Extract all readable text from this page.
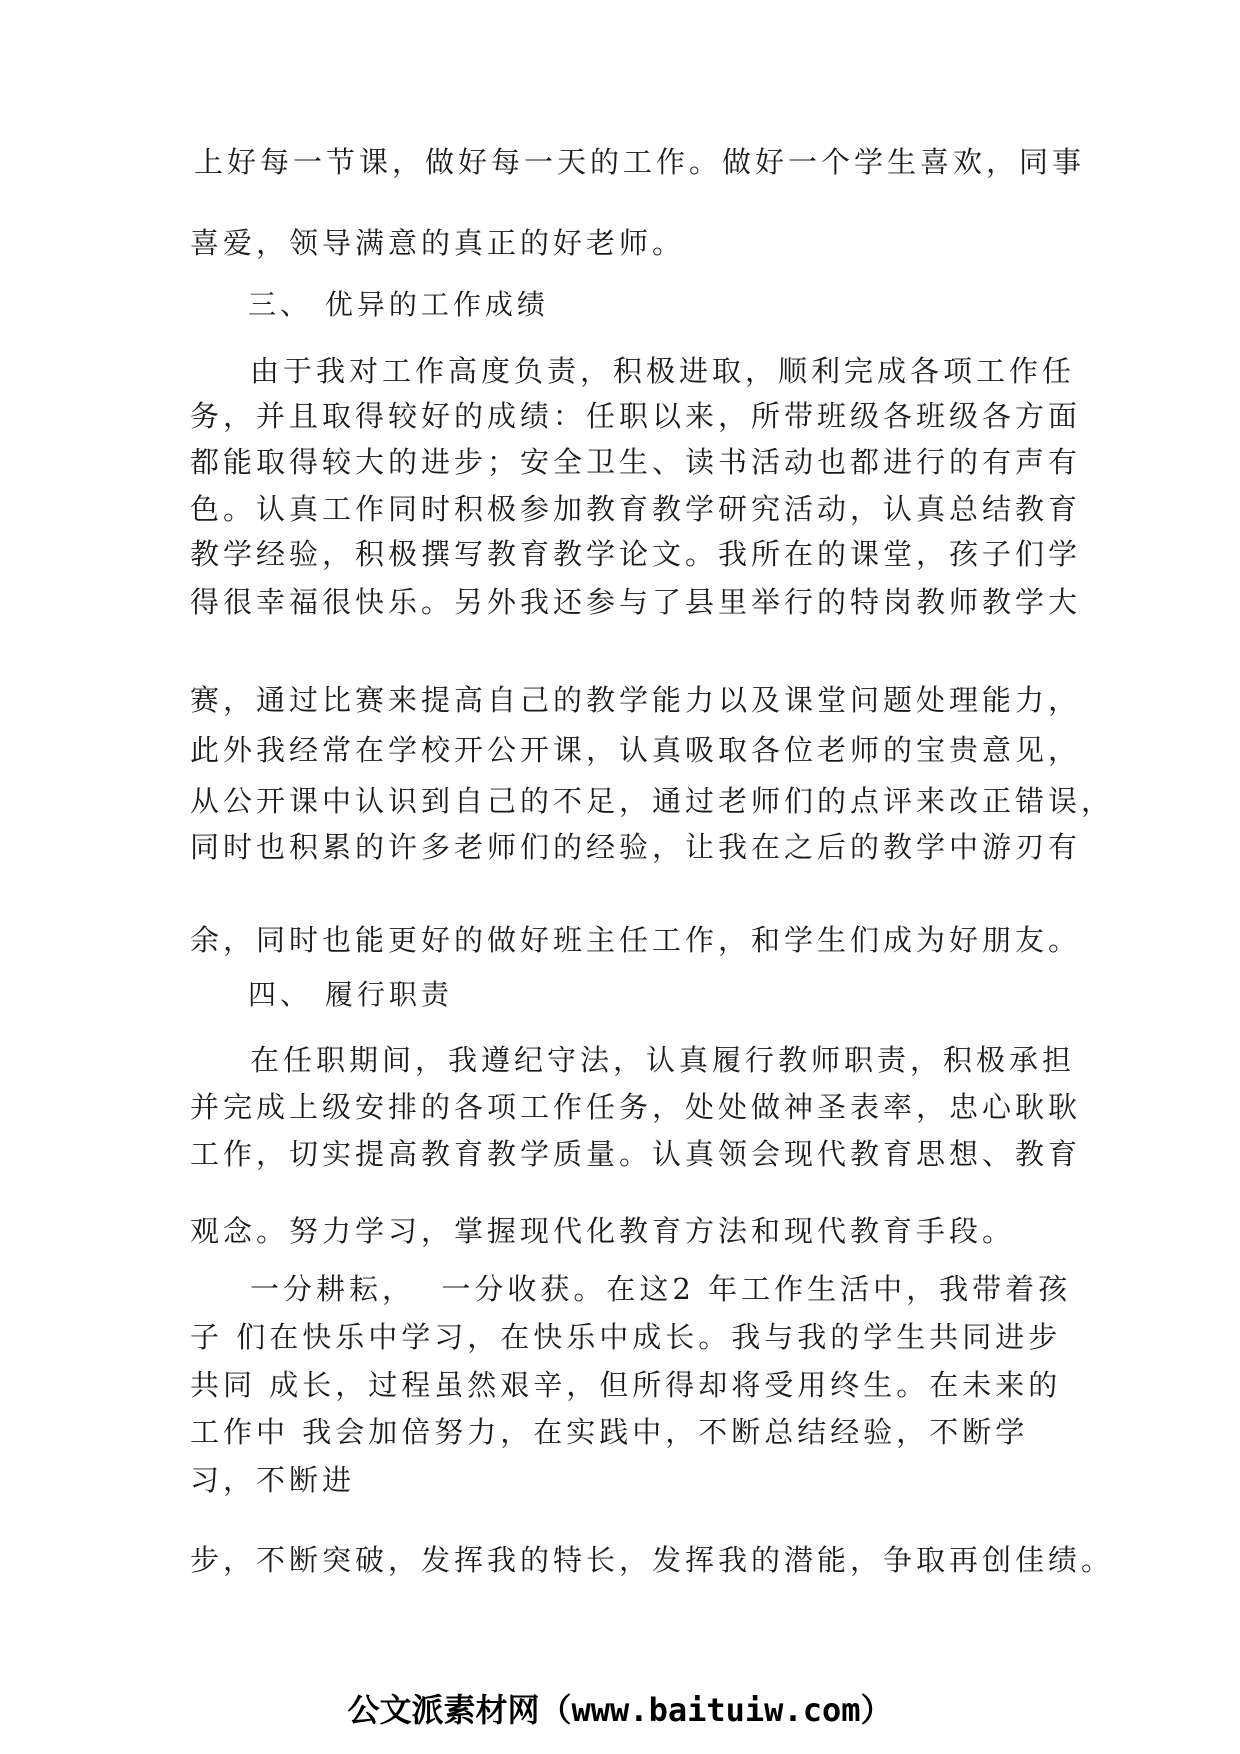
上好每一节课，做好每一天的工作。做好一个学生喜欢，同事

喜爱，领导满意的真正的好老师。

三、 优异的工作成绩

由于我对工作高度负责，积极进取，顺利完成各项工作任

务，并且取得较好的成绩：任职以来，所带班级各班级各方面

都能取得较大的进步；安全卫生、读书活动也都进行的有声有

色。认真工作同时积极参加教育教学研究活动，认真总结教育

教学经验，积极撰写教育教学论文。我所在的课堂，孩子们学

得很幸福很快乐。另外我还参与了县里举行的特岗教师教学大

赛，通过比赛来提高自己的教学能力以及课堂问题处理能力，

此外我经常在学校开公开课，认真吸取各位老师的宝贵意见，

从公开课中认识到自己的不足，通过老师们的点评来改正错误，

同时也积累的许多老师们的经验，让我在之后的教学中游刃有

余，同时也能更好的做好班主任工作，和学生们成为好朋友。

四、 履行职责

在任职期间，我遵纪守法，认真履行教师职责，积极承担

并完成上级安排的各项工作任务，处处做神圣表率，忠心耿耿

工作，切实提高教育教学质量。认真领会现代教育思想、教育

观念。努力学习，掌握现代化教育方法和现代教育手段。

一分耕耘，  一分收获。在这2 年工作生活中，我带着孩

子 们在快乐中学习，在快乐中成长。我与我的学生共同进步

共同 成长，过程虽然艰辛，但所得却将受用终生。在未来的

工作中 我会加倍努力，在实践中，不断总结经验，不断学

习，不断进

步，不断突破，发挥我的特长，发挥我的潜能，争取再创佳绩。

公文派素材网（www.baituiw.com）
